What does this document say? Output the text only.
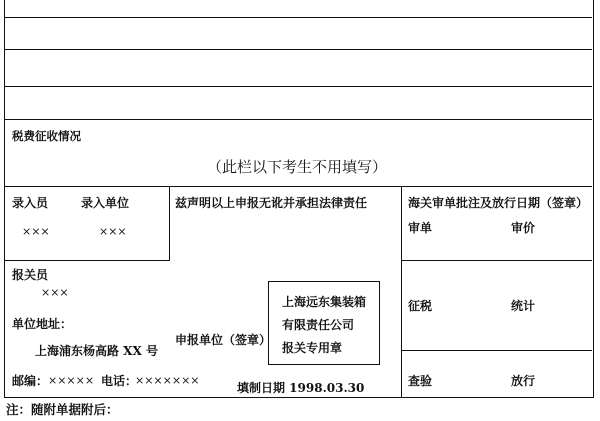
税费征收情况
（此栏以下考生不用填写）
录入员	录入单位
×××	×××
兹声明以上申报无讹并承担法律责任
报关员
×××
单位地址：
上海浦东杨高路 XX 号
申报单位（签章）
邮编： ××××× 电话：
×××××××
填制日期 1998.03.30
海关审单批注及放行日期（签章）
审单	审价
征税	统计
查验	放行
上海远东集装箱
有限责任公司
报关专用章
注：随附单据附后：
